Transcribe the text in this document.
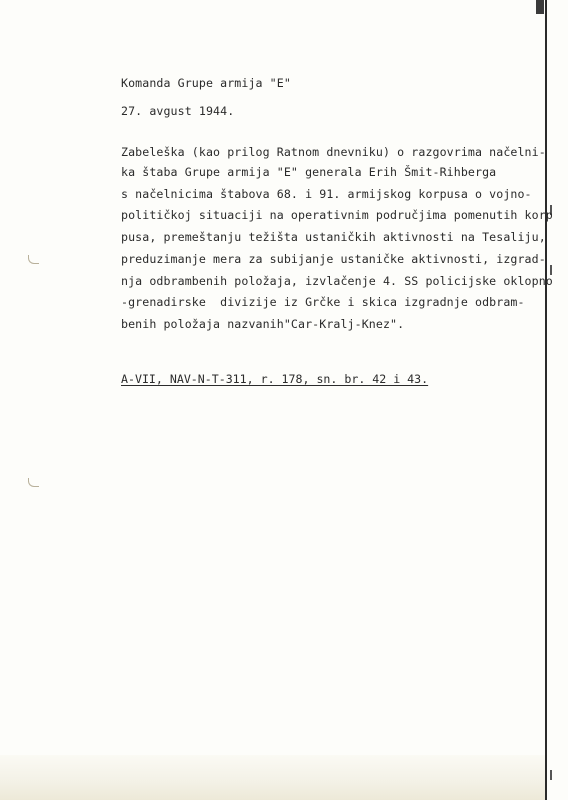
Komanda Grupe armija "E"
27. avgust 1944.
Zabeleška (kao prilog Ratnom dnevniku) o razgovrima načelni-
ka štaba Grupe armija "E" generala Erih Šmit-Rihberga
s načelnicima štabova 68. i 91. armijskog korpusa o vojno-
političkoj situaciji na operativnim područjima pomenutih korp
pusa, premeštanju težišta ustaničkih aktivnosti na Tesaliju,
preduzimanje mera za subijanje ustaničke aktivnosti, izgrad-
nja odbrambenih položaja, izvlačenje 4. SS policijske oklopno
-grenadirske  divizije iz Grčke i skica izgradnje odbram-
benih položaja nazvanih"Car-Kralj-Knez".
A-VII, NAV-N-T-311, r. 178, sn. br. 42 i 43.
